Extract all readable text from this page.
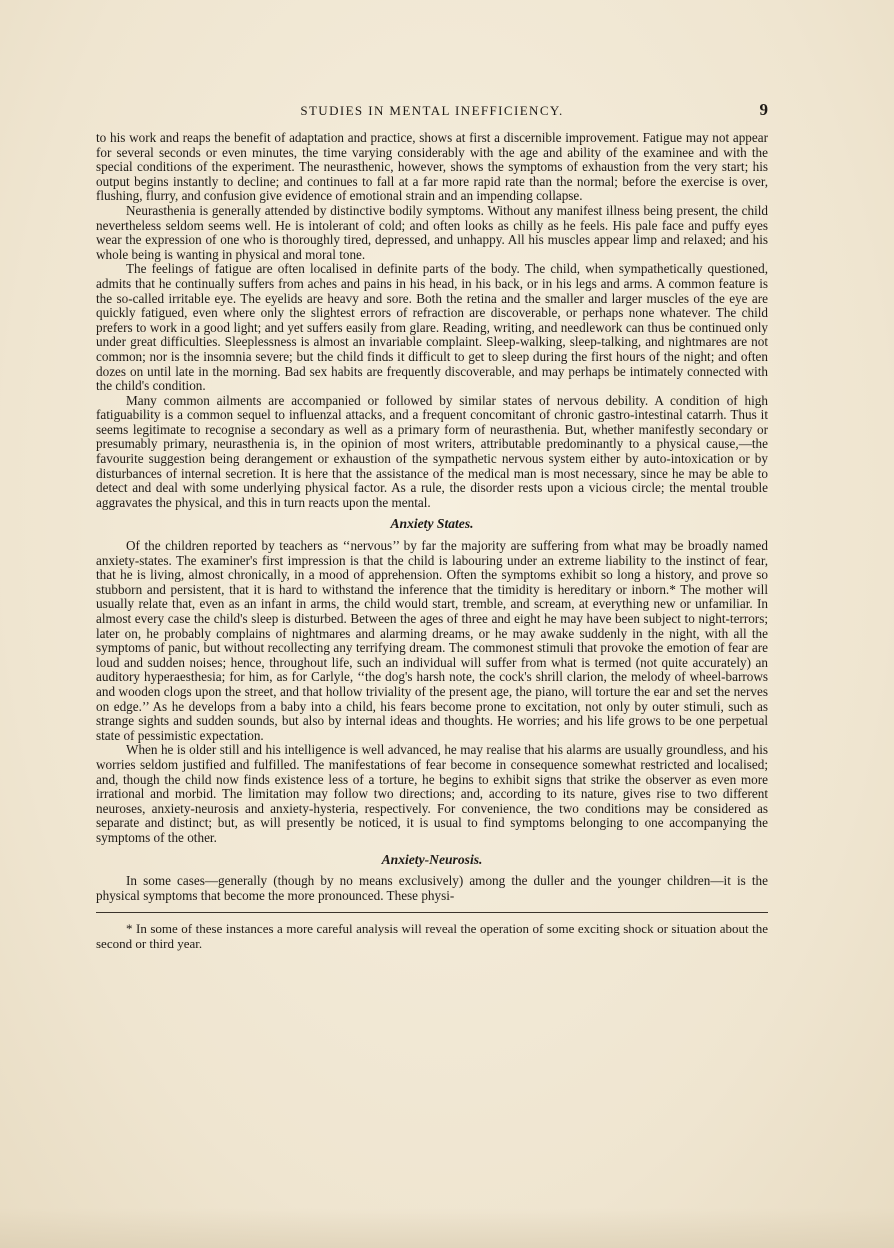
STUDIES IN MENTAL INEFFICIENCY.	9

to his work and reaps the benefit of adaptation and practice, shows at first a discernible improvement. Fatigue may not appear for several seconds or even minutes, the time varying considerably with the age and ability of the examinee and with the special conditions of the experiment. The neurasthenic, however, shows the symptoms of exhaustion from the very start; his output begins instantly to decline; and continues to fall at a far more rapid rate than the normal; before the exercise is over, flushing, flurry, and confusion give evidence of emotional strain and an impending collapse.

Neurasthenia is generally attended by distinctive bodily symptoms. Without any manifest illness being present, the child nevertheless seldom seems well. He is intolerant of cold; and often looks as chilly as he feels. His pale face and puffy eyes wear the expression of one who is thoroughly tired, depressed, and unhappy. All his muscles appear limp and relaxed; and his whole being is wanting in physical and moral tone.

The feelings of fatigue are often localised in definite parts of the body. The child, when sympathetically questioned, admits that he continually suffers from aches and pains in his head, in his back, or in his legs and arms. A common feature is the so-called irritable eye. The eyelids are heavy and sore. Both the retina and the smaller and larger muscles of the eye are quickly fatigued, even where only the slightest errors of refraction are discoverable, or perhaps none whatever. The child prefers to work in a good light; and yet suffers easily from glare. Reading, writing, and needlework can thus be continued only under great difficulties. Sleeplessness is almost an invariable complaint. Sleep-walking, sleep-talking, and nightmares are not common; nor is the insomnia severe; but the child finds it difficult to get to sleep during the first hours of the night; and often dozes on until late in the morning. Bad sex habits are frequently discoverable, and may perhaps be intimately connected with the child's condition.

Many common ailments are accompanied or followed by similar states of nervous debility. A condition of high fatiguability is a common sequel to influenzal attacks, and a frequent concomitant of chronic gastro-intestinal catarrh. Thus it seems legitimate to recognise a secondary as well as a primary form of neurasthenia. But, whether manifestly secondary or presumably primary, neurasthenia is, in the opinion of most writers, attributable predominantly to a physical cause,—the favourite suggestion being derangement or exhaustion of the sympathetic nervous system either by auto-intoxication or by disturbances of internal secretion. It is here that the assistance of the medical man is most necessary, since he may be able to detect and deal with some underlying physical factor. As a rule, the disorder rests upon a vicious circle; the mental trouble aggravates the physical, and this in turn reacts upon the mental.

Anxiety States.

Of the children reported by teachers as ‘‘nervous’’ by far the majority are suffering from what may be broadly named anxiety-states. The examiner's first impression is that the child is labouring under an extreme liability to the instinct of fear, that he is living, almost chronically, in a mood of apprehension. Often the symptoms exhibit so long a history, and prove so stubborn and persistent, that it is hard to withstand the inference that the timidity is hereditary or inborn.* The mother will usually relate that, even as an infant in arms, the child would start, tremble, and scream, at everything new or unfamiliar. In almost every case the child's sleep is disturbed. Between the ages of three and eight he may have been subject to night-terrors; later on, he probably complains of nightmares and alarming dreams, or he may awake suddenly in the night, with all the symptoms of panic, but without recollecting any terrifying dream. The commonest stimuli that provoke the emotion of fear are loud and sudden noises; hence, throughout life, such an individual will suffer from what is termed (not quite accurately) an auditory hyperaesthesia; for him, as for Carlyle, ‘‘the dog's harsh note, the cock's shrill clarion, the melody of wheel-barrows and wooden clogs upon the street, and that hollow triviality of the present age, the piano, will torture the ear and set the nerves on edge.’’ As he develops from a baby into a child, his fears become prone to excitation, not only by outer stimuli, such as strange sights and sudden sounds, but also by internal ideas and thoughts. He worries; and his life grows to be one perpetual state of pessimistic expectation.

When he is older still and his intelligence is well advanced, he may realise that his alarms are usually groundless, and his worries seldom justified and fulfilled. The manifestations of fear become in consequence somewhat restricted and localised; and, though the child now finds existence less of a torture, he begins to exhibit signs that strike the observer as even more irrational and morbid. The limitation may follow two directions; and, according to its nature, gives rise to two different neuroses, anxiety-neurosis and anxiety-hysteria, respectively. For convenience, the two conditions may be considered as separate and distinct; but, as will presently be noticed, it is usual to find symptoms belonging to one accompanying the symptoms of the other.

Anxiety-Neurosis.

In some cases—generally (though by no means exclusively) among the duller and the younger children—it is the physical symptoms that become the more pronounced. These physi-

* In some of these instances a more careful analysis will reveal the operation of some exciting shock or situation about the second or third year.
